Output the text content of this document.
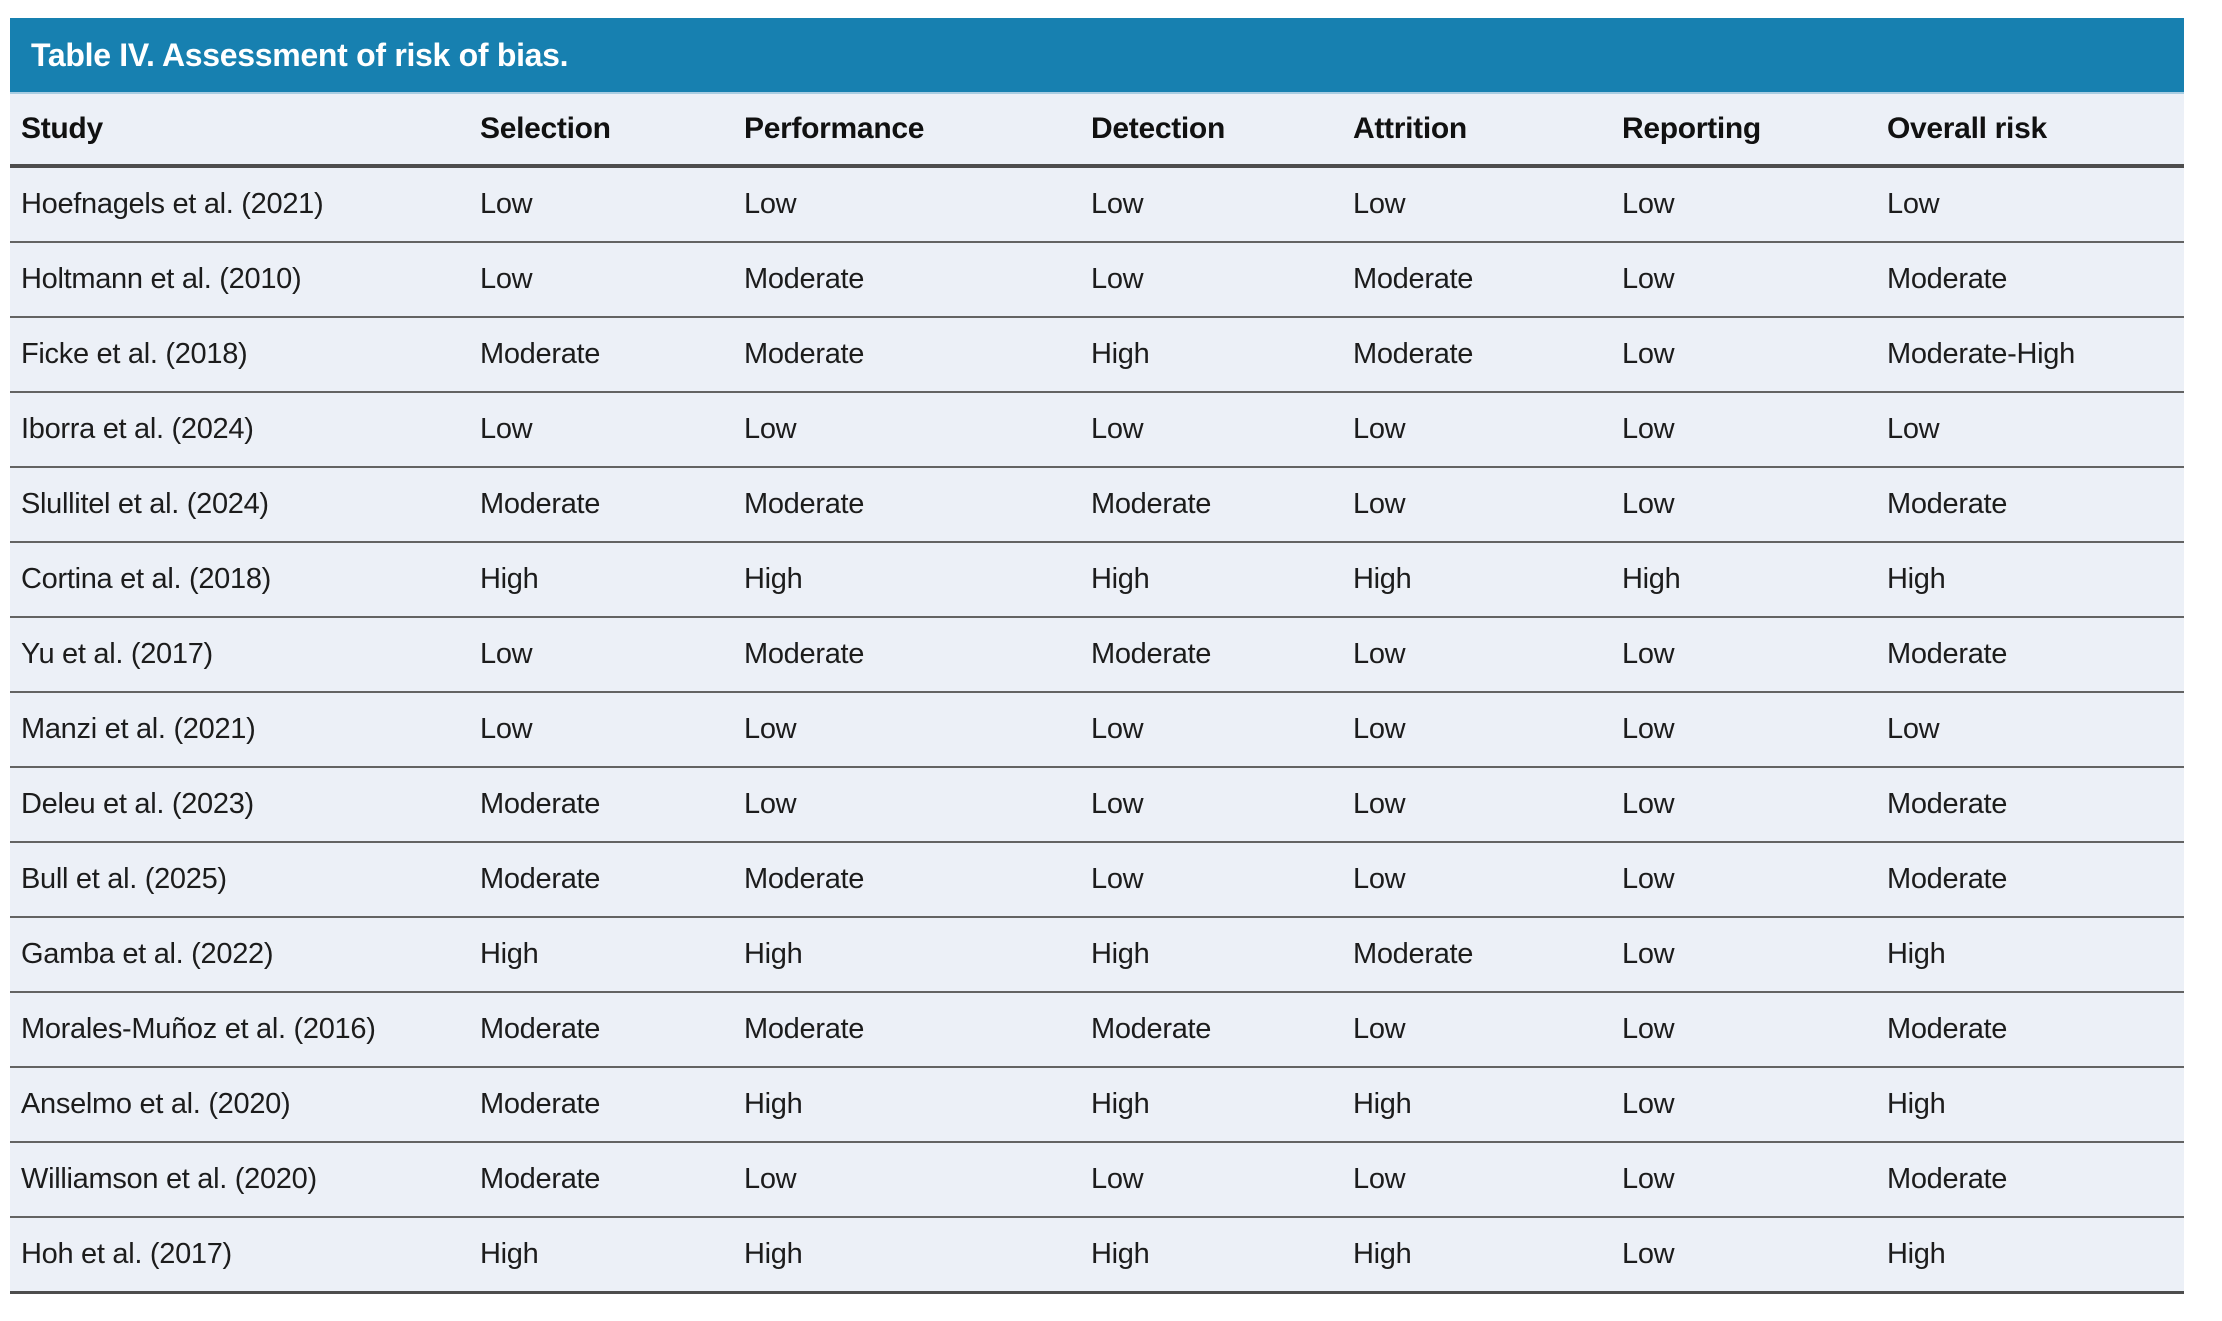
Table IV. Assessment of risk of bias.
Study	Selection	Performance	Detection	Attrition	Reporting	Overall risk
Hoefnagels et al. (2021)	Low	Low	Low	Low	Low	Low
Holtmann et al. (2010)	Low	Moderate	Low	Moderate	Low	Moderate
Ficke et al. (2018)	Moderate	Moderate	High	Moderate	Low	Moderate-High
Iborra et al. (2024)	Low	Low	Low	Low	Low	Low
Slullitel et al. (2024)	Moderate	Moderate	Moderate	Low	Low	Moderate
Cortina et al. (2018)	High	High	High	High	High	High
Yu et al. (2017)	Low	Moderate	Moderate	Low	Low	Moderate
Manzi et al. (2021)	Low	Low	Low	Low	Low	Low
Deleu et al. (2023)	Moderate	Low	Low	Low	Low	Moderate
Bull et al. (2025)	Moderate	Moderate	Low	Low	Low	Moderate
Gamba et al. (2022)	High	High	High	Moderate	Low	High
Morales-Muñoz et al. (2016)	Moderate	Moderate	Moderate	Low	Low	Moderate
Anselmo et al. (2020)	Moderate	High	High	High	Low	High
Williamson et al. (2020)	Moderate	Low	Low	Low	Low	Moderate
Hoh et al. (2017)	High	High	High	High	Low	High
